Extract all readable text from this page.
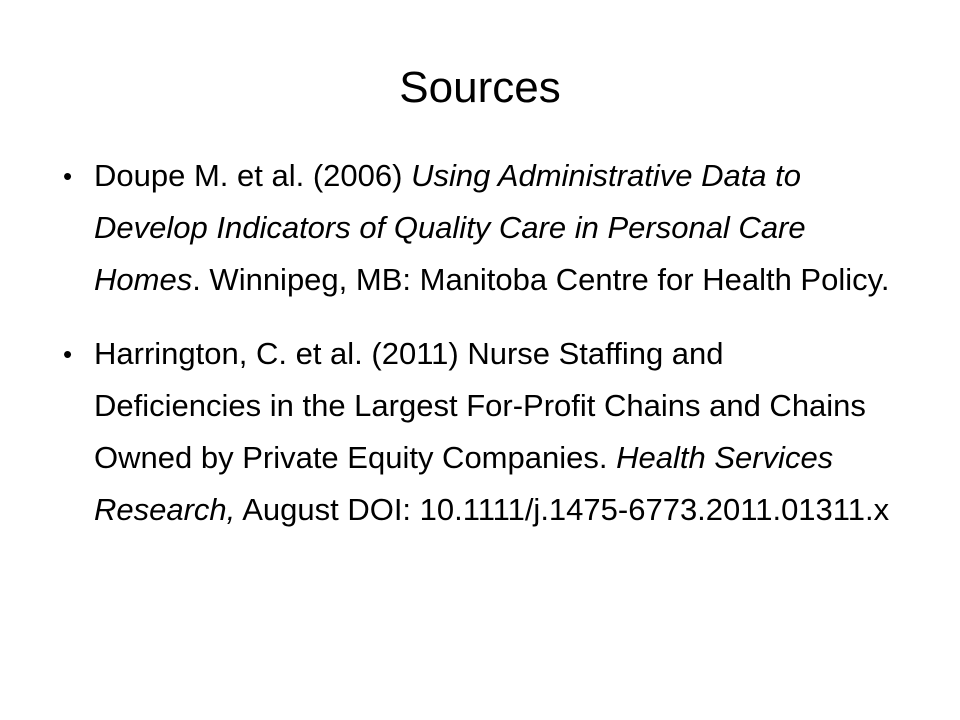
Sources
• Doupe M. et al. (2006) Using Administrative Data to Develop Indicators of Quality Care in Personal Care Homes. Winnipeg, MB: Manitoba Centre for Health Policy.
• Harrington, C. et al. (2011) Nurse Staffing and Deficiencies in the Largest For-Profit Chains and Chains Owned by Private Equity Companies. Health Services Research, August DOI: 10.1111/j.1475-6773.2011.01311.x
